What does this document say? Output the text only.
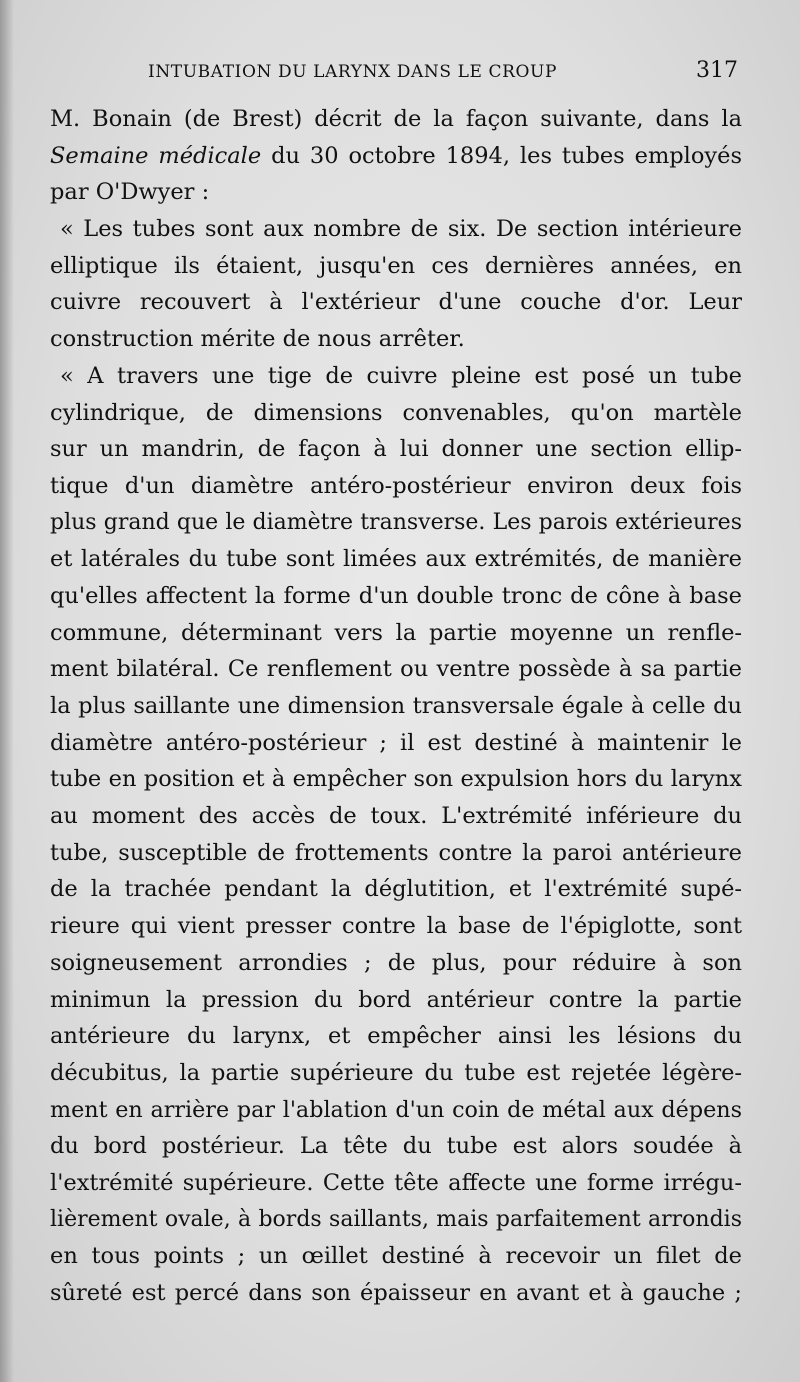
INTUBATION DU LARYNX DANS LE CROUP	317
M. Bonain (de Brest) décrit de la façon suivante, dans la
Semaine médicale du 30 octobre 1894, les tubes employés
par O'Dwyer :
« Les tubes sont aux nombre de six. De section intérieure
elliptique ils étaient, jusqu'en ces dernières années, en
cuivre recouvert à l'extérieur d'une couche d'or. Leur
construction mérite de nous arrêter.
« A travers une tige de cuivre pleine est posé un tube
cylindrique, de dimensions convenables, qu'on martèle
sur un mandrin, de façon à lui donner une section ellip-
tique d'un diamètre antéro-postérieur environ deux fois
plus grand que le diamètre transverse. Les parois extérieures
et latérales du tube sont limées aux extrémités, de manière
qu'elles affectent la forme d'un double tronc de cône à base
commune, déterminant vers la partie moyenne un renfle-
ment bilatéral. Ce renflement ou ventre possède à sa partie
la plus saillante une dimension transversale égale à celle du
diamètre antéro-postérieur ; il est destiné à maintenir le
tube en position et à empêcher son expulsion hors du larynx
au moment des accès de toux. L'extrémité inférieure du
tube, susceptible de frottements contre la paroi antérieure
de la trachée pendant la déglutition, et l'extrémité supé-
rieure qui vient presser contre la base de l'épiglotte, sont
soigneusement arrondies ; de plus, pour réduire à son
minimun la pression du bord antérieur contre la partie
antérieure du larynx, et empêcher ainsi les lésions du
décubitus, la partie supérieure du tube est rejetée légère-
ment en arrière par l'ablation d'un coin de métal aux dépens
du bord postérieur. La tête du tube est alors soudée à
l'extrémité supérieure. Cette tête affecte une forme irrégu-
lièrement ovale, à bords saillants, mais parfaitement arrondis
en tous points ; un œillet destiné à recevoir un filet de
sûreté est percé dans son épaisseur en avant et à gauche ;
